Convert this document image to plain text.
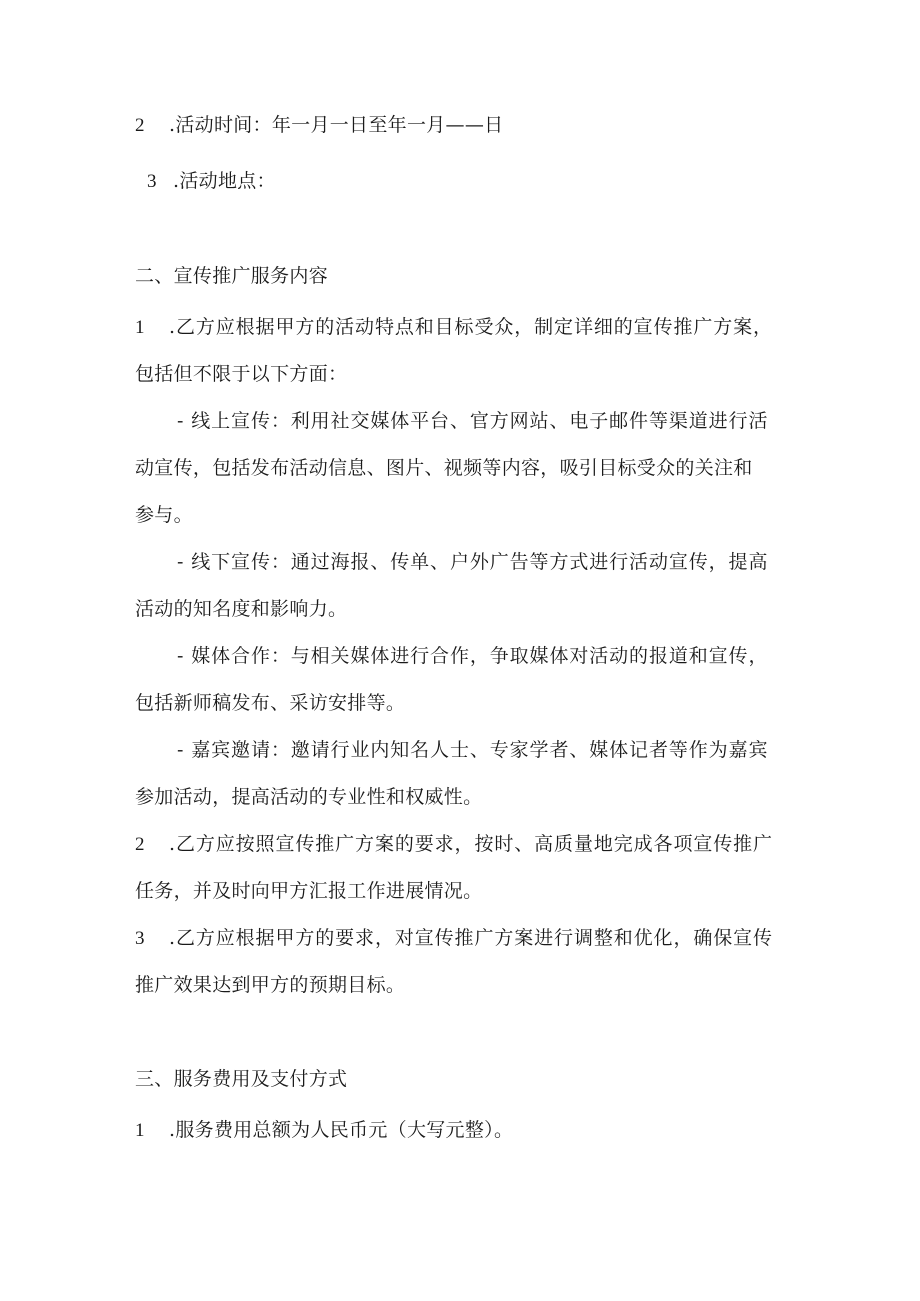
2 .活动时间：年一月一日至年一月——日
3 .活动地点：
二、宣传推广服务内容
1 .乙方应根据甲方的活动特点和目标受众，制定详细的宣传推广方案，
包括但不限于以下方面：
- 线上宣传：利用社交媒体平台、官方网站、电子邮件等渠道进行活
动宣传，包括发布活动信息、图片、视频等内容，吸引目标受众的关注和
参与。
- 线下宣传：通过海报、传单、户外广告等方式进行活动宣传，提高
活动的知名度和影响力。
- 媒体合作：与相关媒体进行合作，争取媒体对活动的报道和宣传，
包括新师稿发布、采访安排等。
- 嘉宾邀请：邀请行业内知名人士、专家学者、媒体记者等作为嘉宾
参加活动，提高活动的专业性和权威性。
2 .乙方应按照宣传推广方案的要求，按时、高质量地完成各项宣传推广
任务，并及时向甲方汇报工作进展情况。
3 .乙方应根据甲方的要求，对宣传推广方案进行调整和优化，确保宣传
推广效果达到甲方的预期目标。
三、服务费用及支付方式
1 .服务费用总额为人民币元（大写元整）。
